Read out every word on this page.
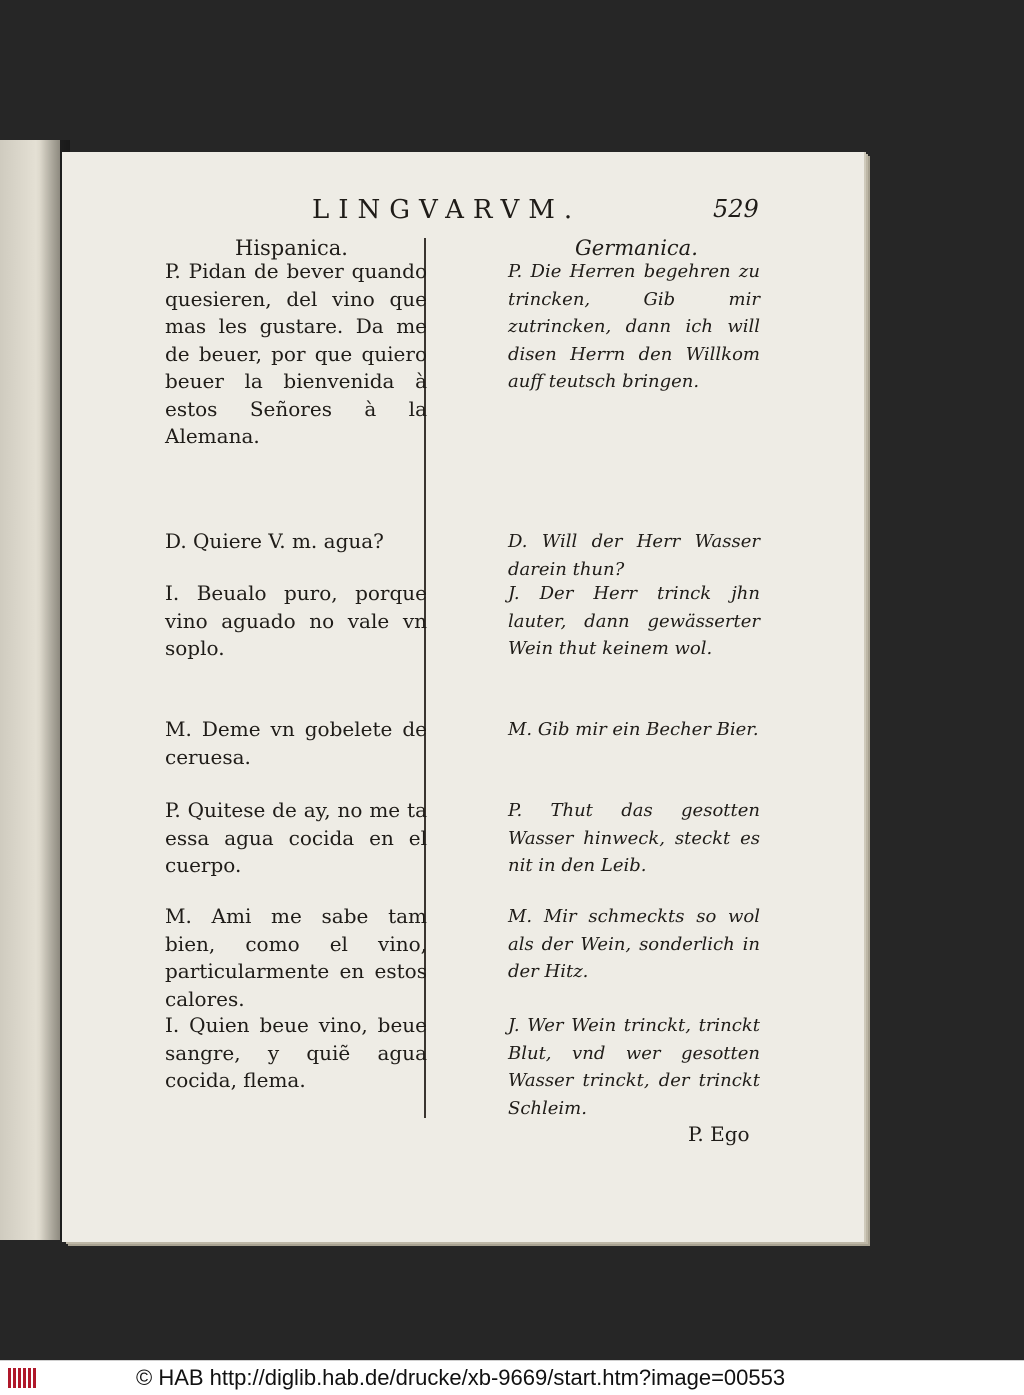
LINGVARVM.	529
Hispanica.	Germanica.
P. Pidan de bever quando quesieren, del vino que mas les gustare. Da me de beuer, por que quiero beuer la bienvenida à estos Señores à la Alemana.
D. Quiere V. m. agua?
I. Beualo puro, porque vino aguado no vale vn soplo.
M. Deme vn gobelete de ceruesa.
P. Quitese de ay, no me ta essa agua cocida en el cuerpo.
M. Ami me sabe tam bien, como el vino, particularmente en estos calores.
I. Quien beue vino, beue sangre, y quiẽ agua cocida, flema.
P. Die Herren begehren zu trincken, Gib mir zutrincken, dann ich will disen Herrn den Willkom auff teutsch bringen.
D. Will der Herr Wasser darein thun?
J. Der Herr trinck jhn lauter, dann gewässerter Wein thut keinem wol.
M. Gib mir ein Becher Bier.
P. Thut das gesotten Wasser hinweck, steckt es nit in den Leib.
M. Mir schmeckts so wol als der Wein, sonderlich in der Hitz.
J. Wer Wein trinckt, trinckt Blut, vnd wer gesotten Wasser trinckt, der trinckt Schleim.
P. Ego
© HAB http://diglib.hab.de/drucke/xb-9669/start.htm?image=00553
